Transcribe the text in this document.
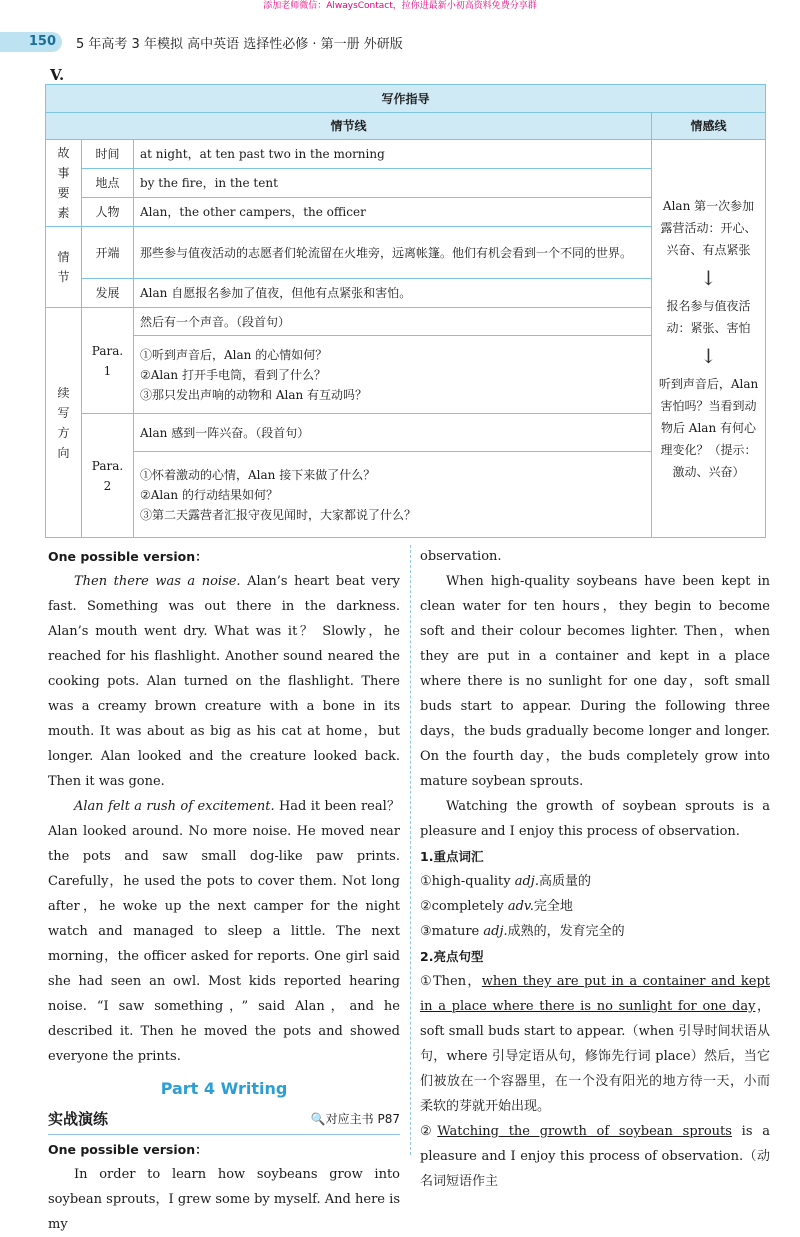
添加老师微信：AlwaysContact，拉你进最新小初高资料免费分享群
150	5 年高考 3 年模拟 高中英语 选择性必修 · 第一册 外研版
V.
写作指导			
情节线			情感线
故事要素	时间	at night，at ten past two in the morning	Alan 第一次参加露营活动：开心、兴奋、有点紧张
↓
报名参与值夜活动：紧张、害怕
↓
听到声音后，Alan 害怕吗？当看到动物后 Alan 有何心理变化？（提示：激动、兴奋）

	地点	by the fire，in the tent	
	人物	Alan，the other campers，the officer	
情节	开端	那些参与值夜活动的志愿者们轮流留在火堆旁，远离帐篷。他们有机会看到一个不同的世界。	
	发展	Alan 自愿报名参加了值夜，但他有点紧张和害怕。	
续写方向	Para. 1	然后有一个声音。（段首句）	

		①听到声音后，Alan 的心情如何？
②Alan 打开手电筒，看到了什么？
③那只发出声响的动物和 Alan 有互动吗？	

	Para. 2	Alan 感到一阵兴奋。（段首句）	

		①怀着激动的心情，Alan 接下来做了什么？
②Alan 的行动结果如何？
③第二天露营者汇报守夜见闻时，大家都说了什么？	

One possible version：

Then there was a noise. Alan’s heart beat very fast. Something was out there in the darkness. Alan’s mouth went dry. What was it？ Slowly，he reached for his flashlight. Another sound neared the cooking pots. Alan turned on the flashlight. There was a creamy brown creature with a bone in its mouth. It was about as big as his cat at home，but longer. Alan looked and the creature looked back. Then it was gone.

Alan felt a rush of excitement. Had it been real？ Alan looked around. No more noise. He moved near the pots and saw small dog-like paw prints. Carefully，he used the pots to cover them. Not long after，he woke up the next camper for the night watch and managed to sleep a little. The next morning，the officer asked for reports. One girl said she had seen an owl. Most kids reported hearing noise. “I saw something，” said Alan，and he described it. Then he moved the pots and showed everyone the prints.

Part 4 Writing
实战演练	🔍对应主书 P87

One possible version：

In order to learn how soybeans grow into soybean sprouts，I grew some by myself. And here is my

observation.

When high-quality soybeans have been kept in clean water for ten hours，they begin to become soft and their colour becomes lighter. Then，when they are put in a container and kept in a place where there is no sunlight for one day，soft small buds start to appear. During the following three days，the buds gradually become longer and longer. On the fourth day，the buds completely grow into mature soybean sprouts.

Watching the growth of soybean sprouts is a pleasure and I enjoy this process of observation.

1.重点词汇

①high-quality adj.高质量的

②completely adv.完全地

③mature adj.成熟的，发育完全的

2.亮点句型

①Then，when they are put in a container and kept in a place where there is no sunlight for one day，soft small buds start to appear.（when 引导时间状语从句，where 引导定语从句，修饰先行词 place）然后，当它们被放在一个容器里，在一个没有阳光的地方待一天，小而柔软的芽就开始出现。

②Watching the growth of soybean sprouts is a pleasure and I enjoy this process of observation.（动名词短语作主
